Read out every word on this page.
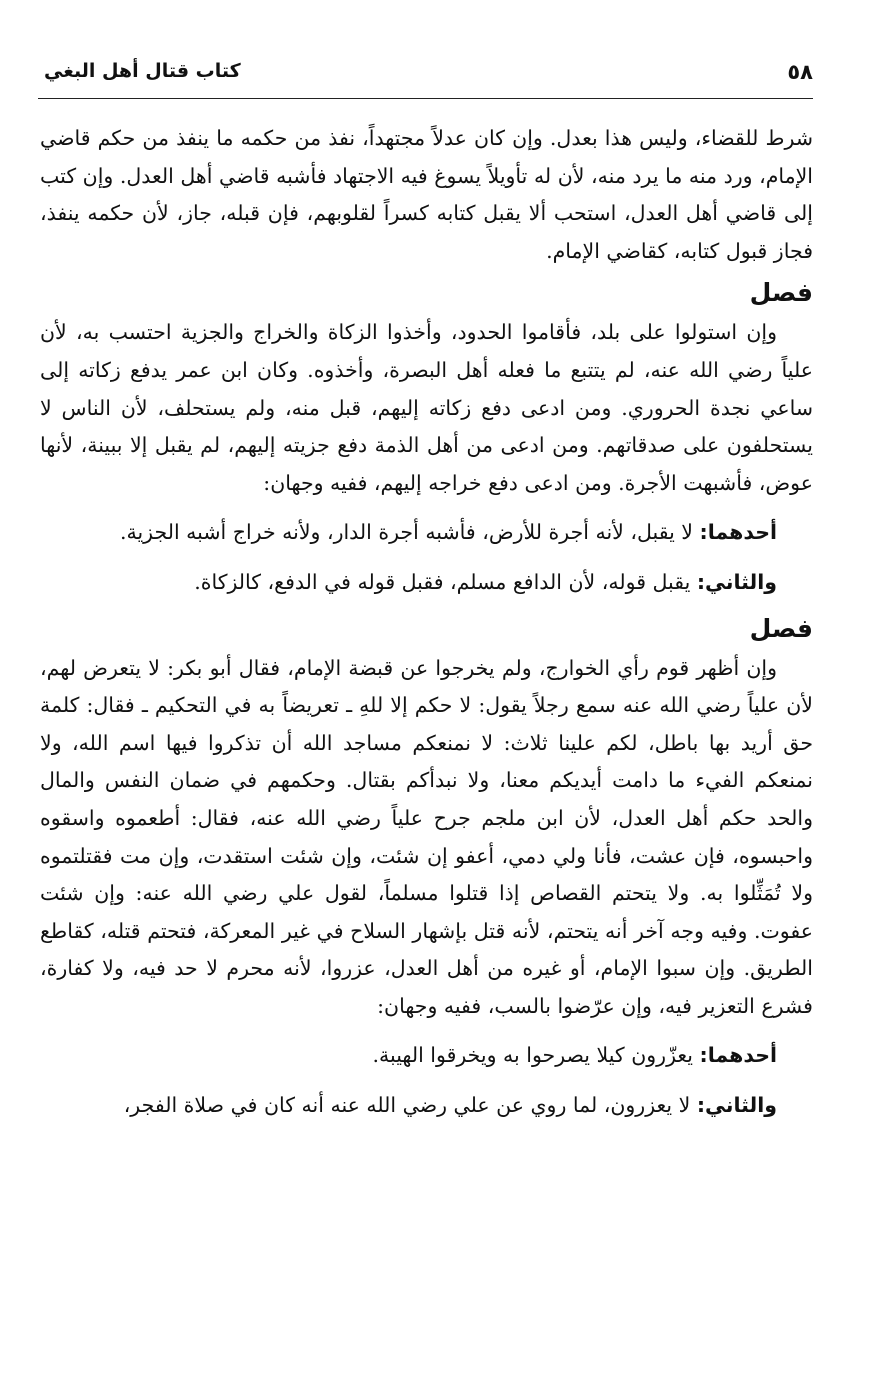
٥٨
كتاب قتال أهل البغي

شرط للقضاء، وليس هذا بعدل. وإن كان عدلاً مجتهداً، نفذ من حكمه ما ينفذ من حكم قاضي الإمام، ورد منه ما يرد منه، لأن له تأويلاً يسوغ فيه الاجتهاد فأشبه قاضي أهل العدل. وإن كتب إلى قاضي أهل العدل، استحب ألا يقبل كتابه كسراً لقلوبهم، فإن قبله، جاز، لأن حكمه ينفذ، فجاز قبول كتابه، كقاضي الإمام.

فصل

وإن استولوا على بلد، فأقاموا الحدود، وأخذوا الزكاة والخراج والجزية احتسب به، لأن علياً رضي الله عنه، لم يتتبع ما فعله أهل البصرة، وأخذوه. وكان ابن عمر يدفع زكاته إلى ساعي نجدة الحروري. ومن ادعى دفع زكاته إليهم، قبل منه، ولم يستحلف، لأن الناس لا يستحلفون على صدقاتهم. ومن ادعى من أهل الذمة دفع جزيته إليهم، لم يقبل إلا ببينة، لأنها عوض، فأشبهت الأجرة. ومن ادعى دفع خراجه إليهم، ففيه وجهان:

أحدهما: لا يقبل، لأنه أجرة للأرض، فأشبه أجرة الدار، ولأنه خراج أشبه الجزية.

والثاني: يقبل قوله، لأن الدافع مسلم، فقبل قوله في الدفع، كالزكاة.

فصل

وإن أظهر قوم رأي الخوارج، ولم يخرجوا عن قبضة الإمام، فقال أبو بكر: لا يتعرض لهم، لأن علياً رضي الله عنه سمع رجلاً يقول: لا حكم إلا للهِ ـ تعريضاً به في التحكيم ـ فقال: كلمة حق أريد بها باطل، لكم علينا ثلاث: لا نمنعكم مساجد الله أن تذكروا فيها اسم الله، ولا نمنعكم الفيء ما دامت أيديكم معنا، ولا نبدأكم بقتال. وحكمهم في ضمان النفس والمال والحد حكم أهل العدل، لأن ابن ملجم جرح علياً رضي الله عنه، فقال: أطعموه واسقوه واحبسوه، فإن عشت، فأنا ولي دمي، أعفو إن شئت، وإن شئت استقدت، وإن مت فقتلتموه ولا تُمَثِّلوا به. ولا يتحتم القصاص إذا قتلوا مسلماً، لقول علي رضي الله عنه: وإن شئت عفوت. وفيه وجه آخر أنه يتحتم، لأنه قتل بإشهار السلاح في غير المعركة، فتحتم قتله، كقاطع الطريق. وإن سبوا الإمام، أو غيره من أهل العدل، عزروا، لأنه محرم لا حد فيه، ولا كفارة، فشرع التعزير فيه، وإن عرّضوا بالسب، ففيه وجهان:

أحدهما: يعزّرون كيلا يصرحوا به ويخرقوا الهيبة.

والثاني: لا يعزرون، لما روي عن علي رضي الله عنه أنه كان في صلاة الفجر،
